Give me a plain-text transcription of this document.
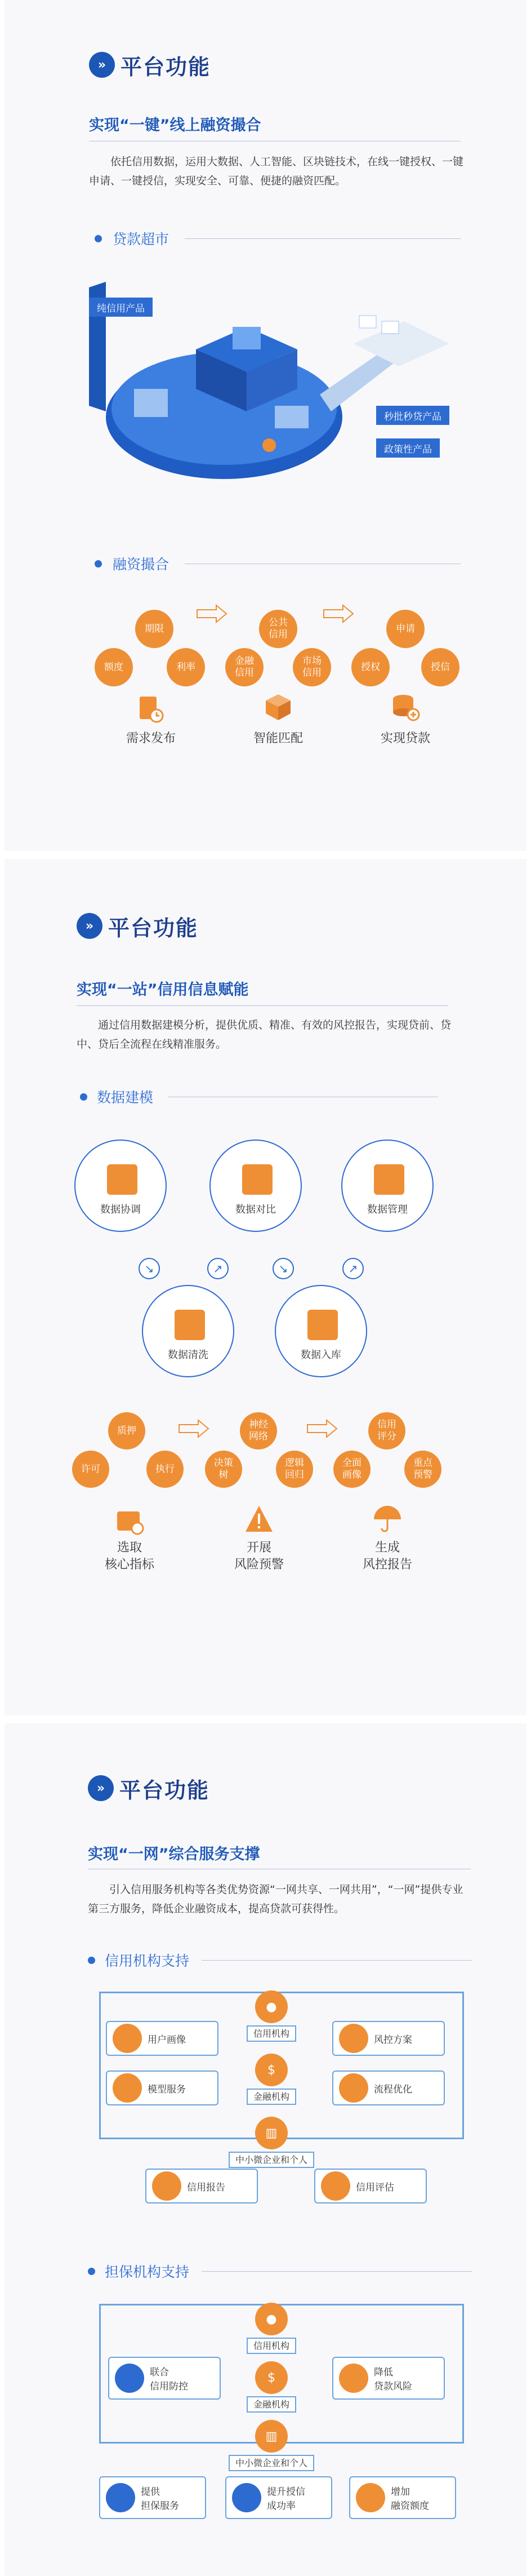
» 平台功能
实现“一键”线上融资撮合
依托信用数据，运用大数据、人工智能、区块链技术，在线一键授权、一键申请、一键授信，实现安全、可靠、便捷的融资匹配。
贷款超市
纯信用产品
秒批秒贷产品
政策性产品
融资撮合
期限
额度	利率
需求发布
公共
信用
金融
信用
市场
信用
智能匹配
申请
授权	授信
实现贷款
» 平台功能
实现“一站”信用信息赋能
通过信用数据建模分析，提供优质、精准、有效的风控报告，实现贷前、贷中、贷后全流程在线精准服务。
数据建模
数据协调	数据对比	数据管理
↘	↗	↘	↗
数据清洗	数据入库
质押
许可	执行
神经
网络
决策
树
逻辑
回归
信用
评分
全面
画像
重点
预警
选取
核心指标
开展
风险预警
生成
风控报告
» 平台功能
实现“一网”综合服务支撑
引入信用服务机构等各类优势资源“一网共享、一网共用”，“一网”提供专业第三方服务，降低企业融资成本，提高贷款可获得性。
信用机构支持
●
信用机构
$
金融机构
▥
中小微企业和个人
用户画像
模型服务
风控方案
流程优化
信用报告	信用评估
担保机构支持
●
信用机构
$
金融机构
▥
中小微企业和个人
联合
信用防控
降低
贷款风险
提供
担保服务
提升授信
成功率
增加
融资额度
